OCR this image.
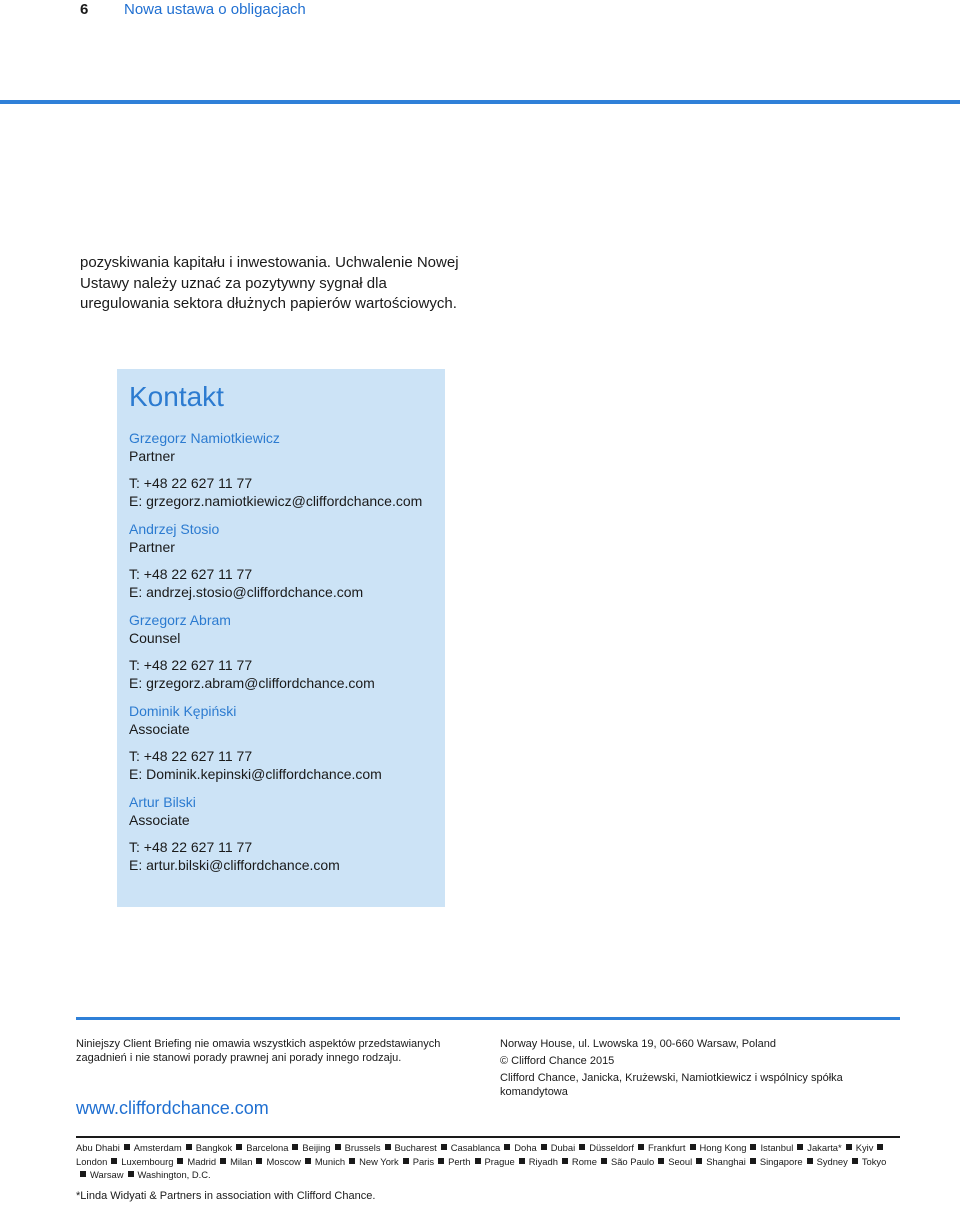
6 Nowa ustawa o obligacjach
pozyskiwania kapitału i inwestowania. Uchwalenie Nowej
Ustawy należy uznać za pozytywny sygnał dla
uregulowania sektora dłużnych papierów wartościowych.
Kontakt
Grzegorz Namiotkiewicz
Partner
T: +48 22 627 11 77
E: grzegorz.namiotkiewicz@cliffordchance.com
Andrzej Stosio
Partner
T: +48 22 627 11 77
E: andrzej.stosio@cliffordchance.com
Grzegorz Abram
Counsel
T: +48 22 627 11 77
E: grzegorz.abram@cliffordchance.com
Dominik Kępiński
Associate
T: +48 22 627 11 77
E: Dominik.kepinski@cliffordchance.com
Artur Bilski
Associate
T: +48 22 627 11 77
E: artur.bilski@cliffordchance.com
Niniejszy Client Briefing nie omawia wszystkich aspektów przedstawianych zagadnień i nie stanowi porady prawnej ani porady innego rodzaju.
www.cliffordchance.com
Norway House, ul. Lwowska 19, 00-660 Warsaw, Poland
© Clifford Chance 2015
Clifford Chance, Janicka, Krużewski, Namiotkiewicz i wspólnicy spółka komandytowa
Abu Dhabi Amsterdam Bangkok Barcelona Beijing Brussels Bucharest Casablanca Doha Dubai Düsseldorf Frankfurt Hong Kong Istanbul Jakarta* KyivLondon Luxembourg Madrid Milan Moscow Munich New York Paris Perth Prague Riyadh Rome São Paulo Seoul Shanghai Singapore Sydney TokyoWarsaw Washington, D.C.
*Linda Widyati & Partners in association with Clifford Chance.
